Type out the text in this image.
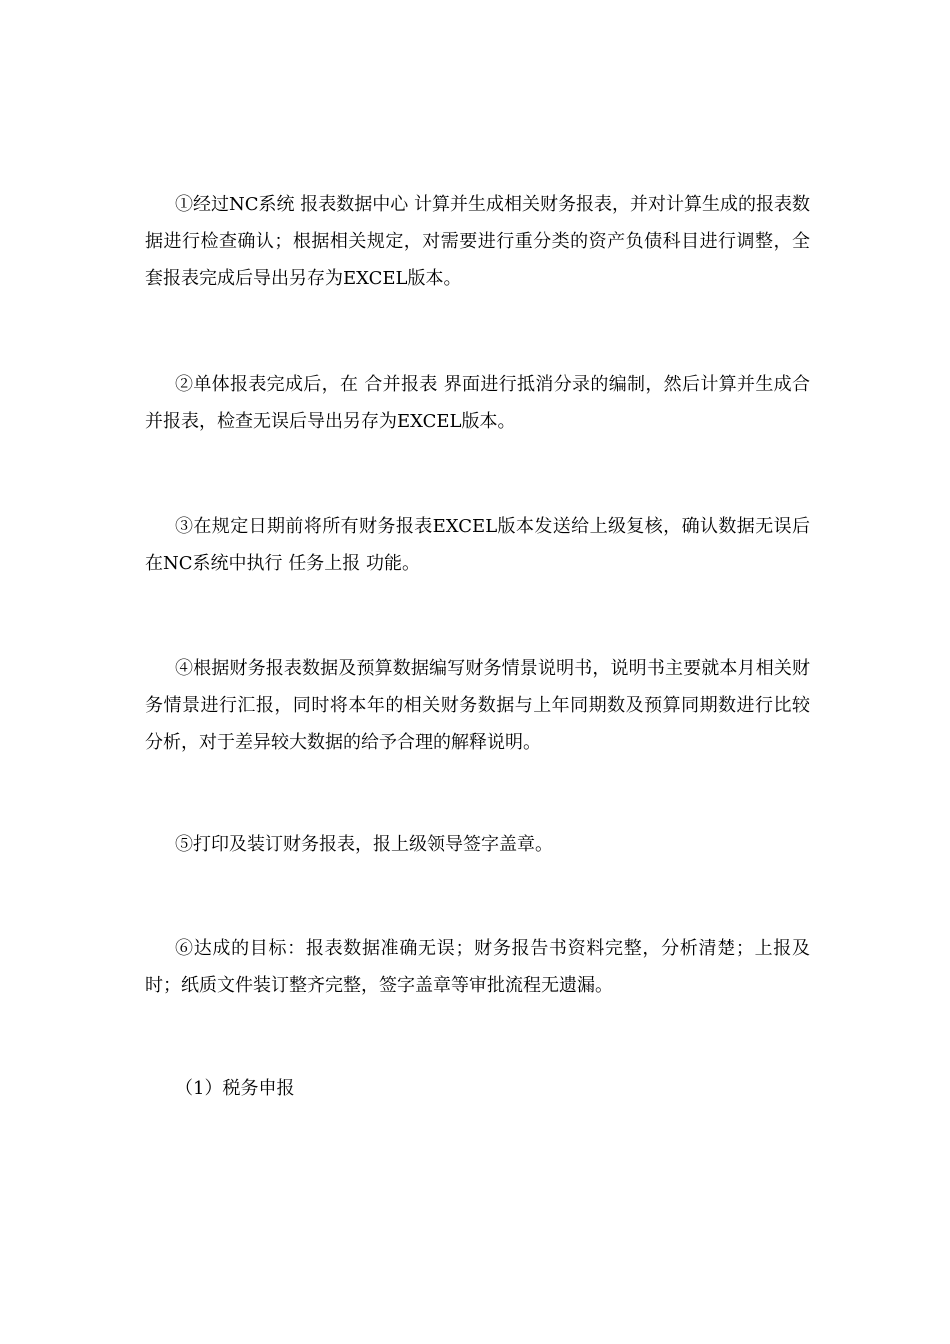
①经过NC系统 报表数据中心 计算并生成相关财务报表，并对计算生成的报表数据进行检查确认；根据相关规定，对需要进行重分类的资产负债科目进行调整，全套报表完成后导出另存为EXCEL版本。

②单体报表完成后，在 合并报表 界面进行抵消分录的编制，然后计算并生成合并报表，检查无误后导出另存为EXCEL版本。

③在规定日期前将所有财务报表EXCEL版本发送给上级复核，确认数据无误后在NC系统中执行 任务上报 功能。

④根据财务报表数据及预算数据编写财务情景说明书，说明书主要就本月相关财务情景进行汇报，同时将本年的相关财务数据与上年同期数及预算同期数进行比较分析，对于差异较大数据的给予合理的解释说明。

⑤打印及装订财务报表，报上级领导签字盖章。

⑥达成的目标：报表数据准确无误；财务报告书资料完整，分析清楚；上报及时；纸质文件装订整齐完整，签字盖章等审批流程无遗漏。

（1）税务申报
